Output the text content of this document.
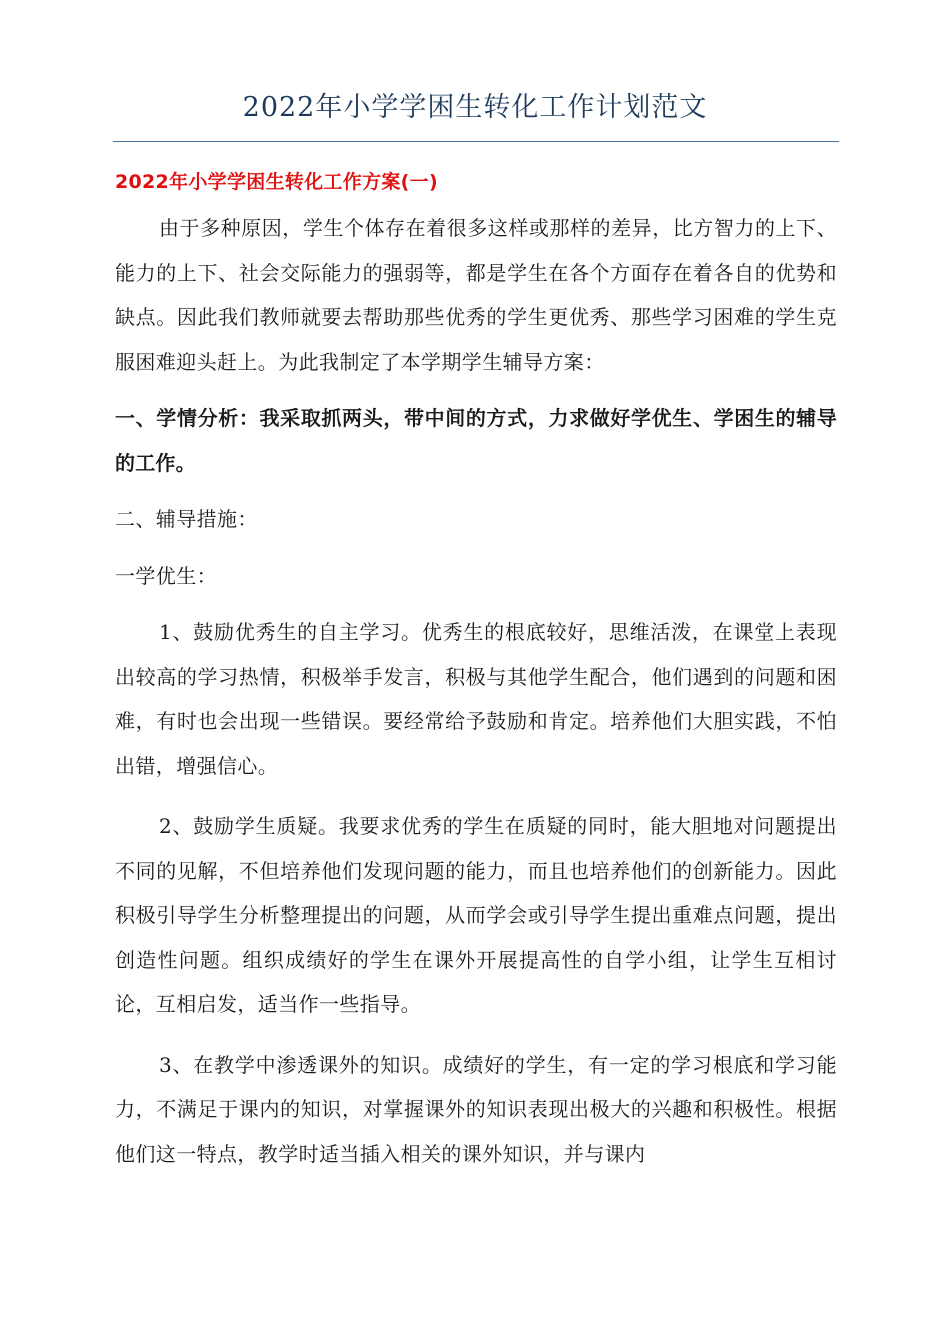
2022年小学学困生转化工作计划范文
2022年小学学困生转化工作方案(一)

由于多种原因，学生个体存在着很多这样或那样的差异，比方智力的上下、能力的上下、社会交际能力的强弱等，都是学生在各个方面存在着各自的优势和缺点。因此我们教师就要去帮助那些优秀的学生更优秀、那些学习困难的学生克服困难迎头赶上。为此我制定了本学期学生辅导方案：

一、学情分析：我采取抓两头，带中间的方式，力求做好学优生、学困生的辅导的工作。

二、辅导措施：

一学优生：

1、鼓励优秀生的自主学习。优秀生的根底较好，思维活泼，在课堂上表现出较高的学习热情，积极举手发言，积极与其他学生配合，他们遇到的问题和困难，有时也会出现一些错误。要经常给予鼓励和肯定。培养他们大胆实践，不怕出错，增强信心。

2、鼓励学生质疑。我要求优秀的学生在质疑的同时，能大胆地对问题提出不同的见解，不但培养他们发现问题的能力，而且也培养他们的创新能力。因此积极引导学生分析整理提出的问题，从而学会或引导学生提出重难点问题，提出创造性问题。组织成绩好的学生在课外开展提高性的自学小组，让学生互相讨论，互相启发，适当作一些指导。

3、在教学中渗透课外的知识。成绩好的学生，有一定的学习根底和学习能力，不满足于课内的知识，对掌握课外的知识表现出极大的兴趣和积极性。根据他们这一特点，教学时适当插入相关的课外知识，并与课内
